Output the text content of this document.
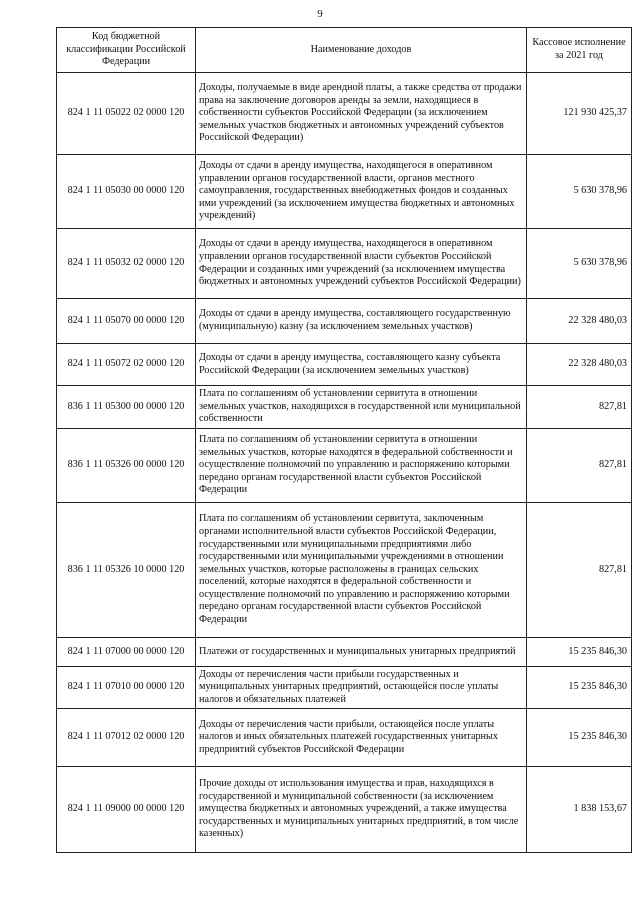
9
Код бюджетной классификации Российской Федерации	Наименование доходов	Кассовое исполнение за 2021 год
824 1 11 05022 02 0000 120	Доходы, получаемые в виде арендной платы, а также средства от продажи права на заключение договоров аренды за земли, находящиеся в собственности субъектов Российской Федерации (за исключением земельных участков бюджетных и автономных учреждений субъектов Российской Федерации)	121 930 425,37
824 1 11 05030 00 0000 120	Доходы от сдачи в аренду имущества, находящегося в оперативном управлении органов государственной власти, органов местного самоуправления, государственных внебюджетных фондов и созданных ими учреждений (за исключением имущества бюджетных и автономных учреждений)	5 630 378,96
824 1 11 05032 02 0000 120	Доходы от сдачи в аренду имущества, находящегося в оперативном управлении органов государственной власти субъектов Российской Федерации и созданных ими учреждений (за исключением имущества бюджетных и автономных учреждений субъектов Российской Федерации)	5 630 378,96
824 1 11 05070 00 0000 120	Доходы от сдачи в аренду имущества, составляющего государственную (муниципальную) казну (за исключением земельных участков)	22 328 480,03
824 1 11 05072 02 0000 120	Доходы от сдачи в аренду имущества, составляющего казну субъекта Российской Федерации (за исключением земельных участков)	22 328 480,03
836 1 11 05300 00 0000 120	Плата по соглашениям об установлении сервитута в отношении земельных участков, находящихся в государственной или муниципальной собственности	827,81
836 1 11 05326 00 0000 120	Плата по соглашениям об установлении сервитута в отношении земельных участков, которые находятся в федеральной собственности и осуществление полномочий по управлению и распоряжению которыми передано органам государственной власти субъектов Российской Федерации	827,81
836 1 11 05326 10 0000 120	Плата по соглашениям об установлении сервитута, заключенным органами исполнительной власти субъектов Российской Федерации, государственными или муниципальными предприятиями либо государственными или муниципальными учреждениями в отношении земельных участков, которые расположены в границах сельских поселений, которые находятся в федеральной собственности и осуществление полномочий по управлению и распоряжению которыми передано органам государственной власти субъектов Российской Федерации	827,81
824 1 11 07000 00 0000 120	Платежи от государственных и муниципальных унитарных предприятий	15 235 846,30
824 1 11 07010 00 0000 120	Доходы от перечисления части прибыли государственных и муниципальных унитарных предприятий, остающейся после уплаты налогов и обязательных платежей	15 235 846,30
824 1 11 07012 02 0000 120	Доходы от перечисления части прибыли, остающейся после уплаты налогов и иных обязательных платежей государственных унитарных предприятий субъектов Российской Федерации	15 235 846,30
824 1 11 09000 00 0000 120	Прочие доходы от использования имущества и прав, находящихся в государственной и муниципальной собственности (за исключением имущества бюджетных и автономных учреждений, а также имущества государственных и муниципальных унитарных предприятий, в том числе казенных)	1 838 153,67
